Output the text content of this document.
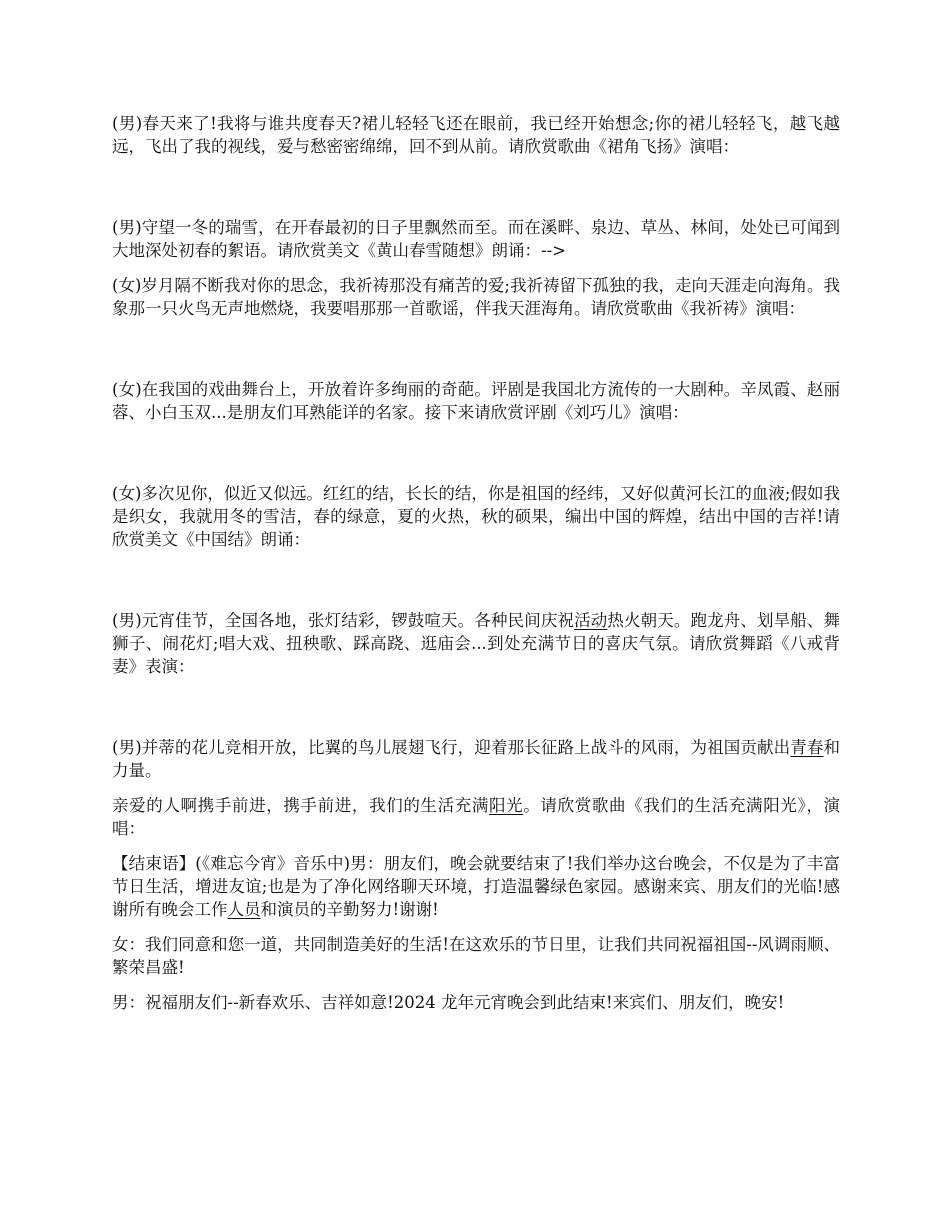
(男)春天来了!我将与谁共度春天?裙儿轻轻飞还在眼前，我已经开始想念;你的裙儿轻轻飞，越飞越远，飞出了我的视线，爱与愁密密绵绵，回不到从前。请欣赏歌曲《裙角飞扬》演唱：

(男)守望一冬的瑞雪，在开春最初的日子里飘然而至。而在溪畔、泉边、草丛、林间，处处已可闻到大地深处初春的絮语。请欣赏美文《黄山春雪随想》朗诵：-->

(女)岁月隔不断我对你的思念，我祈祷那没有痛苦的爱;我祈祷留下孤独的我，走向天涯走向海角。我象那一只火鸟无声地燃烧，我要唱那那一首歌谣，伴我天涯海角。请欣赏歌曲《我祈祷》演唱：

(女)在我国的戏曲舞台上，开放着许多绚丽的奇葩。评剧是我国北方流传的一大剧种。辛凤霞、赵丽蓉、小白玉双...是朋友们耳熟能详的名家。接下来请欣赏评剧《刘巧儿》演唱：

(女)多次见你，似近又似远。红红的结，长长的结，你是祖国的经纬，又好似黄河长江的血液;假如我是织女，我就用冬的雪洁，春的绿意，夏的火热，秋的硕果，编出中国的辉煌，结出中国的吉祥!请欣赏美文《中国结》朗诵：

(男)元宵佳节，全国各地，张灯结彩，锣鼓喧天。各种民间庆祝活动热火朝天。跑龙舟、划旱船、舞狮子、闹花灯;唱大戏、扭秧歌、踩高跷、逛庙会...到处充满节日的喜庆气氛。请欣赏舞蹈《八戒背妻》表演：

(男)并蒂的花儿竞相开放，比翼的鸟儿展翅飞行，迎着那长征路上战斗的风雨，为祖国贡献出青春和力量。

亲爱的人啊携手前进，携手前进，我们的生活充满阳光。请欣赏歌曲《我们的生活充满阳光》，演唱：

【结束语】(《难忘今宵》音乐中)男：朋友们，晚会就要结束了!我们举办这台晚会，不仅是为了丰富节日生活，增进友谊;也是为了净化网络聊天环境，打造温馨绿色家园。感谢来宾、朋友们的光临!感谢所有晚会工作人员和演员的辛勤努力!谢谢!

女：我们同意和您一道，共同制造美好的生活!在这欢乐的节日里，让我们共同祝福祖国--风调雨顺、繁荣昌盛!

男：祝福朋友们--新春欢乐、吉祥如意!2024 龙年元宵晚会到此结束!来宾们、朋友们，晚安!
